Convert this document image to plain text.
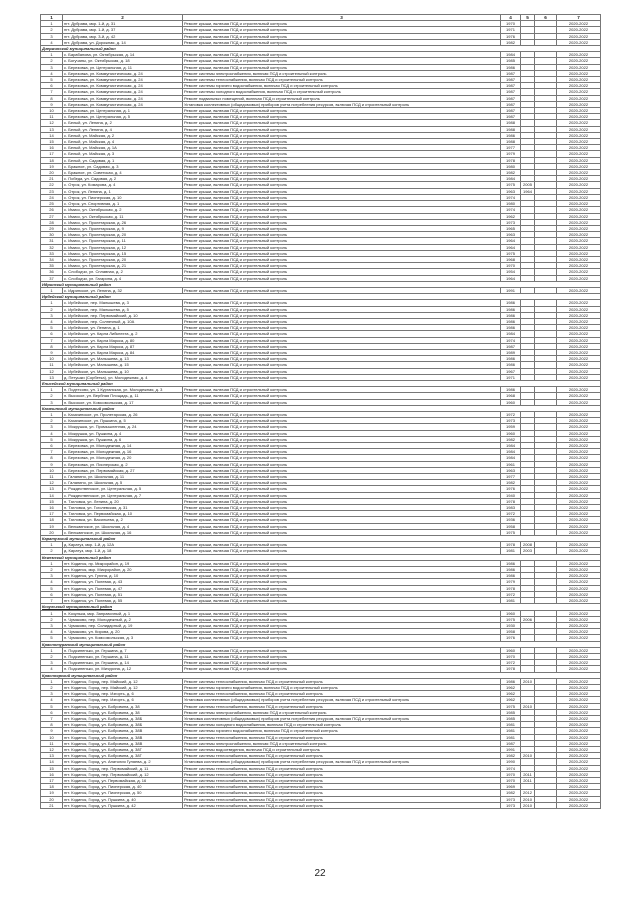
1	2	3	4	5	6	7
1	пгт. Дубрава, мкр. 1-й, д. 31	Ремонт крыши, включая ПСД и строительный контроль	1970			2020-2022
2	пгт. Дубрава, мкр. 1-й, д. 37	Ремонт крыши, включая ПСД и строительный контроль	1971			2020-2022
3	пгт. Дубрава, мкр. 3-й, д. 42	Ремонт крыши, включая ПСД и строительный контроль	1976			2020-2022
4	пгт. Дубрава, ул. Дорожная, д. 14	Ремонт крыши, включая ПСД и строительный контроль	1982			2020-2022
Дзержинский муниципальный район						
1	с. Барабанова, ул. Октябрьская, д. 14	Ремонт крыши, включая ПСД и строительный контроль	1984			2020-2022
2	с. Богучаны, ул. Октябрьская, д. 18	Ремонт крыши, включая ПСД и строительный контроль	1985			2020-2022
3	с. Березовка, ул. Центральная, д. 11	Ремонт крыши, включая ПСД и строительный контроль	1986			2020-2022
4	с. Березовка, ул. Коммунистическая, д. 24	Ремонт системы электроснабжения, включая ПСД и строительный контроль	1987			2020-2022
5	с. Березовка, ул. Коммунистическая, д. 24	Ремонт системы теплоснабжения, включая ПСД и строительный контроль	1987			2020-2022
6	с. Березовка, ул. Коммунистическая, д. 24	Ремонт системы горячего водоснабжения, включая ПСД и строительный контроль	1987			2020-2022
7	с. Березовка, ул. Коммунистическая, д. 24	Ремонт системы холодного водоснабжения, включая ПСД и строительный контроль	1987			2020-2022
8	с. Березовка, ул. Коммунистическая, д. 24	Ремонт подвальных помещений, включая ПСД и строительный контроль	1987			2020-2022
9	с. Березовка, ул. Коммунистическая, д. 24	Установка коллективных (общедомовых) приборов учета потребления ресурсов, включая ПСД и строительный контроль	1987			2020-2022
10	с. Березовка, ул. Центральная, д. 1	Ремонт крыши, включая ПСД и строительный контроль	1987			2020-2022
11	с. Березовка, ул. Центральная, д. 5	Ремонт крыши, включая ПСД и строительный контроль	1987			2020-2022
12	с. Белый, ул. Ленина, д. 2	Ремонт крыши, включая ПСД и строительный контроль	1988			2020-2022
13	с. Белый, ул. Ленина, д. 4	Ремонт крыши, включая ПСД и строительный контроль	1988			2020-2022
14	с. Белый, ул. Майская, д. 2	Ремонт крыши, включая ПСД и строительный контроль	1986			2020-2022
15	с. Белый, ул. Майская, д. 4	Ремонт крыши, включая ПСД и строительный контроль	1988			2020-2022
16	с. Белый, ул. Майская, д. 1А	Ремонт крыши, включая ПСД и строительный контроль	1977			2020-2022
17	с. Белый, ул. Майская, д. 3	Ремонт крыши, включая ПСД и строительный контроль	1979			2020-2022
18	с. Белый, ул. Садовая, д. 1	Ремонт крыши, включая ПСД и строительный контроль	1978			2020-2022
19	с. Бражное, ул. Садовая, д. 3	Ремонт крыши, включая ПСД и строительный контроль	1980			2020-2022
20	с. Бражное, ул. Советская, д. 4	Ремонт крыши, включая ПСД и строительный контроль	1982			2020-2022
21	с. Победа, ул. Садовая, д. 2	Ремонт крыши, включая ПСД и строительный контроль	1984			2020-2022
22	с. Отрок, ул. Комарова, д. 4	Ремонт крыши, включая ПСД и строительный контроль	1975	2005		2020-2022
23	с. Отрок, ул. Ленина, д. 1	Ремонт крыши, включая ПСД и строительный контроль	1963	1964		2020-2022
24	с. Отрок, ул. Пионерская, д. 10	Ремонт крыши, включая ПСД и строительный контроль	1974			2020-2022
25	с. Отрок, ул. Спортивная, д. 1	Ремонт крыши, включая ПСД и строительный контроль	1980			2020-2022
26	с. Имисс, ул. Октябрьская, д. 2	Ремонт крыши, включая ПСД и строительный контроль	1974			2020-2022
27	с. Имисс, ул. Октябрьская, д. 11	Ремонт крыши, включая ПСД и строительный контроль	1962			2020-2022
28	с. Имисс, ул. Пролетарская, д. 26	Ремонт крыши, включая ПСД и строительный контроль	1973			2020-2022
29	с. Имисс, ул. Пролетарская, д. 9	Ремонт крыши, включая ПСД и строительный контроль	1965			2020-2022
30	с. Имисс, ул. Пролетарская, д. 20	Ремонт крыши, включая ПСД и строительный контроль	1963			2020-2022
31	с. Имисс, ул. Пролетарская, д. 11	Ремонт крыши, включая ПСД и строительный контроль	1964			2020-2022
32	с. Имисс, ул. Пролетарская, д. 12	Ремонт крыши, включая ПСД и строительный контроль	1964			2020-2022
33	с. Имисс, ул. Пролетарская, д. 15	Ремонт крыши, включая ПСД и строительный контроль	1975			2020-2022
34	с. Имисс, ул. Пролетарская, д. 20	Ремонт крыши, включая ПСД и строительный контроль	1968			2020-2022
35	с. Имисс, ул. Пролетарская, д. 21	Ремонт крыши, включая ПСД и строительный контроль	1970			2020-2022
36	с. Слободчи, ул. Сплавная, д. 2	Ремонт крыши, включая ПСД и строительный контроль	1954			2020-2022
37	с. Слободчи, ул. Гагарина, д. 4	Ремонт крыши, включая ПСД и строительный контроль	1964			2020-2022
Идринский муниципальный район						
1	с. Идринское, ул. Ленина, д. 32	Ремонт крыши, включая ПСД и строительный контроль	1991			2020-2022
Ирбейский муниципальный район						
1	с. Ирбейское, пер. Малышева, д. 3	Ремонт крыши, включая ПСД и строительный контроль	1986			2020-2022
2	с. Ирбейское, пер. Малышева, д. 5	Ремонт крыши, включая ПСД и строительный контроль	1986			2020-2022
3	с. Ирбейское, пер. Первомайский, д. 10	Ремонт крыши, включая ПСД и строительный контроль	1986			2020-2022
4	с. Ирбейское, пер. Солнечный, д. 10А	Ремонт крыши, включая ПСД и строительный контроль	1986			2020-2022
5	с. Ирбейское, ул. Ленина, д. 1	Ремонт крыши, включая ПСД и строительный контроль	1986			2020-2022
6	с. Ирбейское, ул. Карла Либкнехта, д. 2	Ремонт крыши, включая ПСД и строительный контроль	1984			2020-2022
7	с. Ирбейское, ул. Карла Маркса, д. 80	Ремонт крыши, включая ПСД и строительный контроль	1974			2020-2022
8	с. Ирбейское, ул. Карла Маркса, д. 87	Ремонт крыши, включая ПСД и строительный контроль	1987			2020-2022
9	с. Ирбейское, ул. Карла Маркса, д. 84	Ремонт крыши, включая ПСД и строительный контроль	1989			2020-2022
10	с. Ирбейское, ул. Малышева, д. 13	Ремонт крыши, включая ПСД и строительный контроль	1986			2020-2022
11	с. Ирбейское, ул. Малышева, д. 15	Ремонт крыши, включая ПСД и строительный контроль	1986			2020-2022
12	с. Ирбейское, ул. Малышева, д. 10	Ремонт крыши, включая ПСД и строительный контроль	1967			2020-2022
13	д. Петушки (Сорбетка), ул. Молодежная, д. 4	Ремонт крыши, включая ПСД и строительный контроль	1971			2020-2022
Енисейский муниципальный район						
1	п. Подтесово, ул. 1 Курганская, ул. Молодежная, д. 3	Ремонт крыши, включая ПСД и строительный контроль	1986			2020-2022
2	п. Высокое, ул. Вербная Площадь, д. 11	Ремонт крыши, включая ПСД и строительный контроль	1968			2020-2022
3	п. Высокое, ул. Комсомольская, д. 17	Ремонт крыши, включая ПСД и строительный контроль	1960			2020-2022
Казачинский муниципальный район						
1	с. Казачинское, ул. Пролетарская, д. 26	Ремонт крыши, включая ПСД и строительный контроль	1972			2020-2022
2	с. Казачинское, ул. Пушкина, д. 5	Ремонт крыши, включая ПСД и строительный контроль	1973			2020-2022
3	с. Мокрушка, ул. Промышленная, д. 24	Ремонт крыши, включая ПСД и строительный контроль	1959			2020-2022
4	с. Мокрушка, ул. Пушкина, д. 4	Ремонт крыши, включая ПСД и строительный контроль	1960			2020-2022
5	с. Мокрушка, ул. Пушкина, д. 6	Ремонт крыши, включая ПСД и строительный контроль	1982			2020-2022
6	с. Березовка, ул. Молодежная, д. 14	Ремонт крыши, включая ПСД и строительный контроль	1984			2020-2022
7	с. Березовка, ул. Молодежная, д. 16	Ремонт крыши, включая ПСД и строительный контроль	1984			2020-2022
8	с. Березовка, ул. Молодежная, д. 20	Ремонт крыши, включая ПСД и строительный контроль	1984			2020-2022
9	с. Березовка, ул. Пионерская, д. 2	Ремонт крыши, включая ПСД и строительный контроль	1961			2020-2022
10	с. Березовка, ул. Первомайская, д. 27	Ремонт крыши, включая ПСД и строительный контроль	1963			2020-2022
11	с. Галанино, ул. Школьная, д. 11	Ремонт крыши, включая ПСД и строительный контроль	1977			2020-2022
12	с. Галанино, ул. Школьная, д. 5	Ремонт крыши, включая ПСД и строительный контроль	1982			2020-2022
13	с. Рождественское, ул. Центральная, д. 5	Ремонт крыши, включая ПСД и строительный контроль	1976			2020-2022
14	с. Рождественское, ул. Центральная, д. 7	Ремонт крыши, включая ПСД и строительный контроль	1940			2020-2022
15	п. Тагловка, ул. Ленина, д. 20	Ремонт крыши, включая ПСД и строительный контроль	1978			2020-2022
16	п. Тагловка, ул. Гоголевская, д. 31	Ремонт крыши, включая ПСД и строительный контроль	1983			2020-2022
17	п. Тагловка, ул. Первомайская, д. 10	Ремонт крыши, включая ПСД и строительный контроль	1972			2020-2022
18	п. Тагловка, ул. Васильева, д. 2	Ремонт крыши, включая ПСД и строительный контроль	1936			2020-2022
19	с. Вельминское, ул. Школьная, д. 4	Ремонт крыши, включая ПСД и строительный контроль	1958			2020-2022
20	с. Вельминское, ул. Школьная, д. 16	Ремонт крыши, включая ПСД и строительный контроль	1975			2020-2022
Каратузский муниципальный район						
1	д. Каратуз, мкр. 1-й, д. 12А	Ремонт крыши, включая ПСД и строительный контроль	1978	2008		2020-2022
2	д. Каратуз, мкр. 1-й, д. 18	Ремонт крыши, включая ПСД и строительный контроль	1981	2003		2020-2022
Кежемский муниципальный район						
1	пгт. Кодинск, пр. Микрорайон, д. 19	Ремонт крыши, включая ПСД и строительный контроль	1986			2020-2022
2	пгт. Кодинск, мкр. Микрорайон, д. 20	Ремонт крыши, включая ПСД и строительный контроль	1986			2020-2022
3	пгт. Кодинск, ул. Гугина, д. 10	Ремонт крыши, включая ПСД и строительный контроль	1986			2020-2022
4	пгт. Кодинск, ул. Полевая, д. 43	Ремонт крыши, включая ПСД и строительный контроль	1979			2020-2022
5	пгт. Кодинск, ул. Полевая, д. 47	Ремонт крыши, включая ПСД и строительный контроль	1978			2020-2022
6	пгт. Кодинск, ул. Полевая, д. 51	Ремонт крыши, включая ПСД и строительный контроль	1972			2020-2022
7	пгт. Кодинск, ул. Полевая, д. 55	Ремонт крыши, включая ПСД и строительный контроль	1981			2020-2022
Козульский муниципальный район						
1	п. Козулька, мкр. Заправочный, д. 1	Ремонт крыши, включая ПСД и строительный контроль	1960			2020-2022
2	п. Чумаково, пер. Молодежный, д. 2	Ремонт крыши, включая ПСД и строительный контроль	1975	2006		2020-2022
3	п. Чумаково, пер. Солидарный, д. 19	Ремонт крыши, включая ПСД и строительный контроль	1930			2020-2022
4	п. Чумаково, ул. Кирова, д. 20	Ремонт крыши, включая ПСД и строительный контроль	1958			2020-2022
5	п. Чумаково, ул. Комсомольская, д. 3	Ремонт крыши, включая ПСД и строительный контроль	1976			2020-2022
Краснотуранский муниципальный район						
1	п. Подсиненько, ул. Гершина, д. 7	Ремонт крыши, включая ПСД и строительный контроль	1960			2020-2022
2	п. Подсиненько, ул. Гершина, д. 11	Ремонт крыши, включая ПСД и строительный контроль	1970			2020-2022
3	п. Подсиненько, ул. Гершина, д. 14	Ремонт крыши, включая ПСД и строительный контроль	1972			2020-2022
4	п. Подсиненько, ул. Мичурина, д. 12	Ремонт крыши, включая ПСД и строительный контроль	1978			2020-2022
Красноярский муниципальный район						
1	пгт. Кодинск, Город, пер. Майский, д. 12	Ремонт системы теплоснабжения, включая ПСД и строительный контроль	1986	2010		2020-2022
2	пгт. Кодинск, Город, пер. Майский, д. 12	Ремонт системы горячего водоснабжения, включая ПСД и строительный контроль	1962			2020-2022
3	пгт. Кодинск, Город, пер. Изгорть, д. 6	Ремонт системы теплоснабжения, включая ПСД и строительный контроль	1962			2020-2022
4	пгт. Кодинск, Город, пер. Изгорть, д. 6	Установка коллективных (общедомовых) приборов учета потребления ресурсов, включая ПСД и строительный контроль	1962			2020-2022
5	пгт. Кодинск, Город, ул. Бобровина, д. 38	Ремонт системы теплоснабжения, включая ПСД и строительный контроль	1975	2010		2020-2022
6	пгт. Кодинск, Город, ул. Бобровина, д. 38	Ремонт системы электроснабжения, включая ПСД и строительный контроль	1985			2020-2022
7	пгт. Кодинск, Город, ул. Бобровина, д. 38Б	Установка коллективных (общедомовых) приборов учета потребления ресурсов, включая ПСД и строительный контроль	1985			2020-2022
8	пгт. Кодинск, Город, ул. Бобровина, д. 38Б	Ремонт системы холодного водоснабжения, включая ПСД и строительный контроль	1981			2020-2022
9	пгт. Кодинск, Город, ул. Бобровина, д. 38В	Ремонт системы горячего водоснабжения, включая ПСД и строительный контроль	1981			2020-2022
10	пгт. Кодинск, Город, ул. Бобровина, д. 38В	Ремонт системы теплоснабжения, включая ПСД и строительный контроль	1981			2020-2022
11	пгт. Кодинск, Город, ул. Бобровина, д. 38В	Ремонт системы электроснабжения, включая ПСД и строительный контроль	1987			2020-2022
12	пгт. Кодинск, Город, ул. Бобровина, д. 38Г	Ремонт системы водоотведения, включая ПСД и строительный контроль	1991			2020-2022
13	пгт. Кодинск, Город, ул. Бобровина, д. 38Г	Ремонт системы теплоснабжения, включая ПСД и строительный контроль	1982	2010		2020-2022
14	пгт. Кодинск, Город, ул. Анатолия Гуляева, д. 2	Установка коллективных (общедомовых) приборов учета потребления ресурсов, включая ПСД и строительный контроль	1990			2020-2022
15	пгт. Кодинск, Город, пер. Первомайский, д. 11	Ремонт системы теплоснабжения, включая ПСД и строительный контроль	1974			2020-2022
16	пгт. Кодинск, Город, пер. Первомайский, д. 12	Ремонт системы теплоснабжения, включая ПСД и строительный контроль	1970	2011		2020-2022
17	пгт. Кодинск, Город, ул. Первомайская, д. 16	Ремонт системы теплоснабжения, включая ПСД и строительный контроль	1970	2011		2020-2022
18	пгт. Кодинск, Город, ул. Пионерская, д. 40	Ремонт системы теплоснабжения, включая ПСД и строительный контроль	1969			2020-2022
19	пгт. Кодинск, Город, ул. Пионерская, д. 50	Ремонт системы теплоснабжения, включая ПСД и строительный контроль	1982	2012		2020-2022
20	пгт. Кодинск, Город, ул. Пушкина, д. 40	Ремонт системы теплоснабжения, включая ПСД и строительный контроль	1973	2010		2020-2022
21	пгт. Кодинск, Город, ул. Пушкина, д. 42	Ремонт системы теплоснабжения, включая ПСД и строительный контроль	1973	2010		2020-2022
22
